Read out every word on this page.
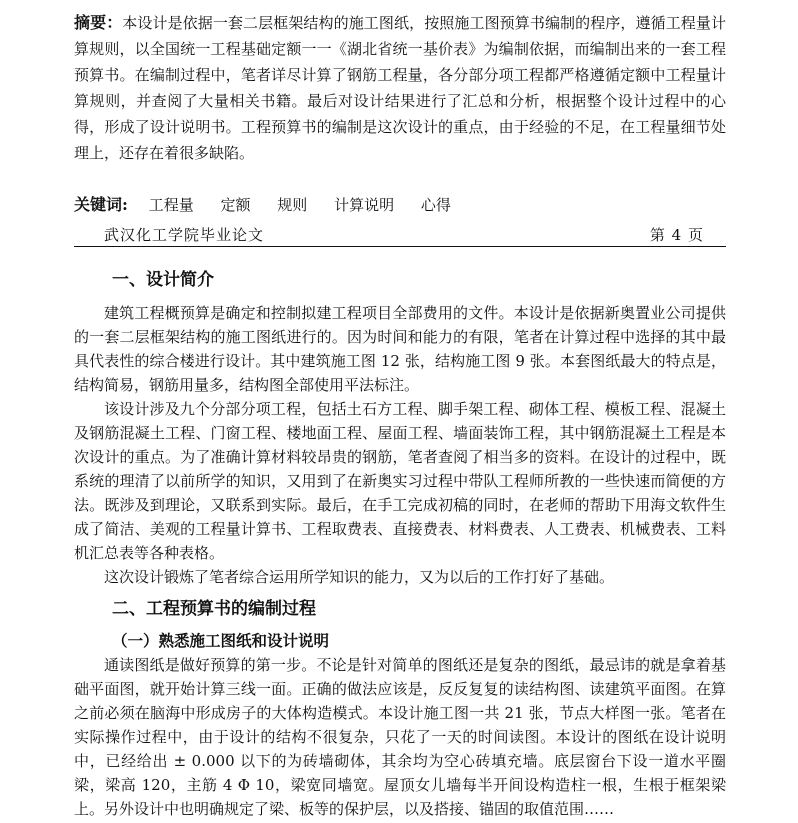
摘要：本设计是依据一套二层框架结构的施工图纸，按照施工图预算书编制的程序，遵循工程量计算规则，以全国统一工程基础定额一一《湖北省统一基价表》为编制依据，而编制出来的一套工程预算书。在编制过程中，笔者详尽计算了钢筋工程量，各分部分项工程都严格遵循定额中工程量计算规则，并查阅了大量相关书籍。最后对设计结果进行了汇总和分析，根据整个设计过程中的心得，形成了设计说明书。工程预算书的编制是这次设计的重点，由于经验的不足，在工程量细节处理上，还存在着很多缺陷。
关键词: 工程量 定额 规则 计算说明 心得
武汉化工学院毕业论文	第 4 页
一、设计简介

建筑工程概预算是确定和控制拟建工程项目全部费用的文件。本设计是依据新奥置业公司提供的一套二层框架结构的施工图纸进行的。因为时间和能力的有限，笔者在计算过程中选择的其中最具代表性的综合楼进行设计。其中建筑施工图 12 张，结构施工图 9 张。本套图纸最大的特点是，结构简易，钢筋用量多，结构图全部使用平法标注。

该设计涉及九个分部分项工程，包括土石方工程、脚手架工程、砌体工程、模板工程、混凝土及钢筋混凝土工程、门窗工程、楼地面工程、屋面工程、墙面装饰工程，其中钢筋混凝土工程是本次设计的重点。为了准确计算材料较昂贵的钢筋，笔者查阅了相当多的资料。在设计的过程中，既系统的理清了以前所学的知识，又用到了在新奥实习过程中带队工程师所教的一些快速而简便的方法。既涉及到理论，又联系到实际。最后，在手工完成初稿的同时，在老师的帮助下用海文软件生成了简洁、美观的工程量计算书、工程取费表、直接费表、材料费表、人工费表、机械费表、工料机汇总表等各种表格。

这次设计锻炼了笔者综合运用所学知识的能力，又为以后的工作打好了基础。

二、工程预算书的编制过程
（一）熟悉施工图纸和设计说明

通读图纸是做好预算的第一步。不论是针对简单的图纸还是复杂的图纸，最忌讳的就是拿着基础平面图，就开始计算三线一面。正确的做法应该是，反反复复的读结构图、读建筑平面图。在算之前必须在脑海中形成房子的大体构造模式。本设计施工图一共 21 张，节点大样图一张。笔者在实际操作过程中，由于设计的结构不很复杂，只花了一天的时间读图。本设计的图纸在设计说明中，已经给出 ± 0.000 以下的为砖墙砌体，其余均为空心砖填充墙。底层窗台下设一道水平圈梁，梁高 120，主筋 4 Φ 10，梁宽同墙宽。屋顶女儿墙每半开间设构造柱一根，生根于框架梁上。另外设计中也明确规定了梁、板等的保护层，以及搭接、锚固的取值范围……
